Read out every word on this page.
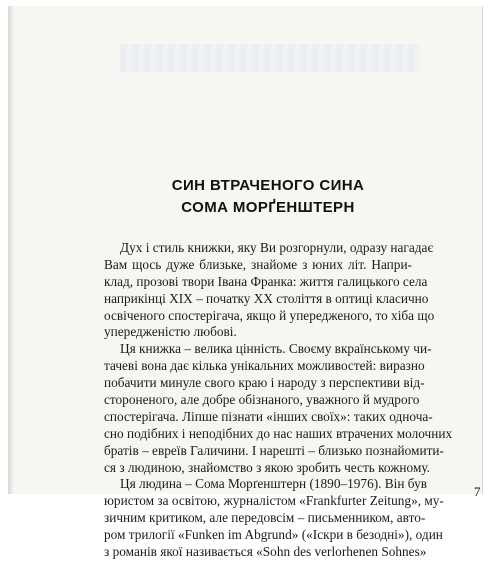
СИН ВТРАЧЕНОГО СИНА
СОМА МОРҐЕНШТЕРН
Дух і стиль книжки, яку Ви розгорнули, одразу нагадає
Вам щось дуже близьке, знайоме з юних літ. Напри-
клад, прозові твори Івана Франка: життя галицького села
наприкінці XIX – початку XX століття в оптиці класично
освіченого спостерігача, якщо й упередженого, то хіба що
упередженістю любові.
Ця книжка – велика цінність. Своєму вкраїнському чи-
тачеві вона дає кілька унікальних можливостей: виразно
побачити минуле свого краю і народу з перспективи від-
стороненого, але добре обізнаного, уважного й мудрого
спостерігача. Ліпше пізнати «інших своїх»: таких одноча-
сно подібних і неподібних до нас наших втрачених молочних
братів – евреїв Галичини. І нарешті – близько познайомити-
ся з людиною, знайомство з якою зробить честь кожному.
Ця людина – Сома Морґенштерн (1890–1976). Він був
юристом за освітою, журналістом «Frankfurter Zeitung», му-
зичним критиком, але передовсім – письменником, авто-
ром трилогії «Funken im Abgrund» («Іскри в безодні»), один
з романів якої називається «Sohn des verlorhenen Sohnes»
7
